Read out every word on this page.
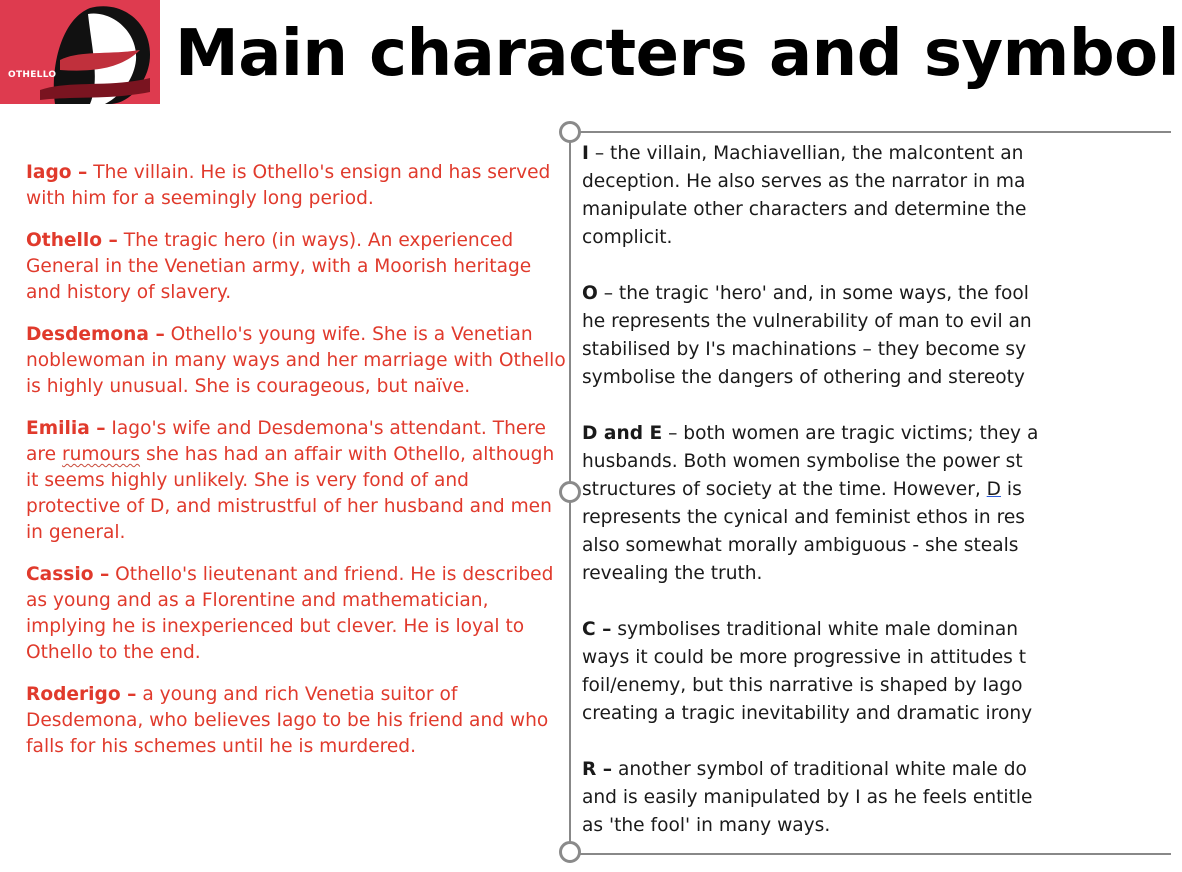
OTHELLO Main characters and symbol
Iago – The villain. He is Othello's ensign and has served with him for a seemingly long period.
Othello – The tragic hero (in ways). An experienced General in the Venetian army, with a Moorish heritage and history of slavery.
Desdemona – Othello's young wife. She is a Venetian noblewoman in many ways and her marriage with Othello is highly unusual. She is courageous, but naïve.
Emilia – Iago's wife and Desdemona's attendant. There are rumours she has had an affair with Othello, although it seems highly unlikely. She is very fond of and protective of D, and mistrustful of her husband and men in general.
Cassio – Othello's lieutenant and friend. He is described as young and as a Florentine and mathematician, implying he is inexperienced but clever. He is loyal to Othello to the end.
Roderigo – a young and rich Venetia suitor of Desdemona, who believes Iago to be his friend and who falls for his schemes until he is murdered.
I – the villain, Machiavellian, the malcontent an
deception. He also serves as the narrator in ma
manipulate other characters and determine the
complicit.
O – the tragic 'hero' and, in some ways, the fool
he represents the vulnerability of man to evil an
stabilised by I's machinations – they become sy
symbolise the dangers of othering and stereoty
D and E – both women are tragic victims; they a
husbands. Both women symbolise the power st
structures of society at the time. However, D is
represents the cynical and feminist ethos in res
also somewhat morally ambiguous - she steals
revealing the truth.
C – symbolises traditional white male dominan
ways it could be more progressive in attitudes t
foil/enemy, but this narrative is shaped by Iago
creating a tragic inevitability and dramatic irony
R – another symbol of traditional white male do
and is easily manipulated by I as he feels entitle
as 'the fool' in many ways.
